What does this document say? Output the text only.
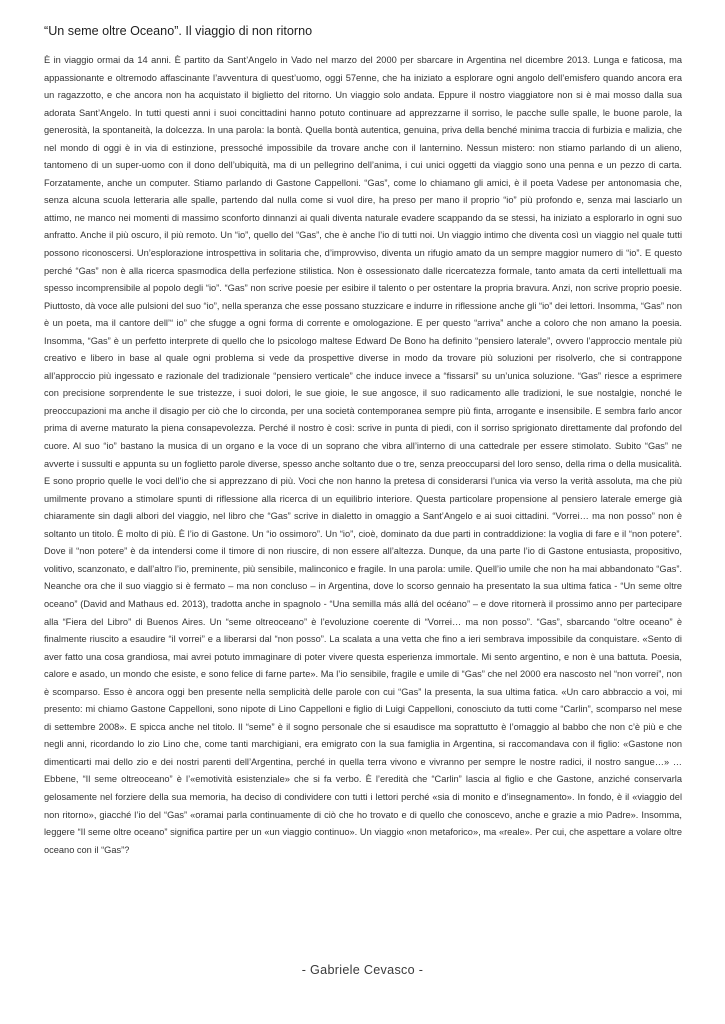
“Un seme oltre Oceano”. Il viaggio di non ritorno

È in viaggio ormai da 14 anni. È partito da Sant’Angelo in Vado nel marzo del 2000 per sbarcare in Argentina nel dicembre 2013. Lunga e faticosa, ma appassionante e oltremodo affascinante l’avventura di quest’uomo, oggi 57enne, che ha iniziato a esplorare ogni angolo dell’emisfero quando ancora era un ragazzotto, e che ancora non ha acquistato il biglietto del ritorno. Un viaggio solo andata. Eppure il nostro viaggiatore non si è mai mosso dalla sua adorata Sant’Angelo. In tutti questi anni i suoi concittadini hanno potuto continuare ad apprezzarne il sorriso, le pacche sulle spalle, le buone parole, la generosità, la spontaneità, la dolcezza. In una parola: la bontà. Quella bontà autentica, genuina, priva della benché minima traccia di furbizia e malizia, che nel mondo di oggi è in via di estinzione, pressoché impossibile da trovare anche con il lanternino. Nessun mistero: non stiamo parlando di un alieno, tantomeno di un super-uomo con il dono dell’ubiquità, ma di un pellegrino dell’anima, i cui unici oggetti da viaggio sono una penna e un pezzo di carta. Forzatamente, anche un computer. Stiamo parlando di Gastone Cappelloni. “Gas”, come lo chiamano gli amici, è il poeta Vadese per antonomasia che, senza alcuna scuola letteraria alle spalle, partendo dal nulla come si vuol dire, ha preso per mano il proprio “io” più profondo e, senza mai lasciarlo un attimo, ne manco nei momenti di massimo sconforto dinnanzi ai quali diventa naturale evadere scappando da se stessi, ha iniziato a esplorarlo in ogni suo anfratto. Anche il più oscuro, il più remoto. Un “io”, quello del “Gas”, che è anche l’io di tutti noi. Un viaggio intimo che diventa così un viaggio nel quale tutti possono riconoscersi. Un’esplorazione introspettiva in solitaria che, d’improvviso, diventa un rifugio amato da un sempre maggior numero di “io”. E questo perché “Gas” non è alla ricerca spasmodica della perfezione stilistica. Non è ossessionato dalle ricercatezza formale, tanto amata da certi intellettuali ma spesso incomprensibile al popolo degli “io”. “Gas” non scrive poesie per esibire il talento o per ostentare la propria bravura. Anzi, non scrive proprio poesie. Piuttosto, dà voce alle pulsioni del suo “io”, nella speranza che esse possano stuzzicare e indurre in riflessione anche gli “io” dei lettori. Insomma, “Gas” non è un poeta, ma il cantore dell’“ io” che sfugge a ogni forma di corrente e omologazione. E per questo “arriva” anche a coloro che non amano la poesia. Insomma, “Gas” è un perfetto interprete di quello che lo psicologo maltese Edward De Bono ha definito “pensiero laterale”, ovvero l’approccio mentale più creativo e libero in base al quale ogni problema si vede da prospettive diverse in modo da trovare più soluzioni per risolverlo, che si contrappone all’approccio più ingessato e razionale del tradizionale “pensiero verticale” che induce invece a “fissarsi” su un’unica soluzione. “Gas” riesce a esprimere con precisione sorprendente le sue tristezze, i suoi dolori, le sue gioie, le sue angosce, il suo radicamento alle tradizioni, le sue nostalgie, nonché le preoccupazioni ma anche il disagio per ciò che lo circonda, per una società contemporanea sempre più finta, arrogante e insensibile. E sembra farlo ancor prima di averne maturato la piena consapevolezza. Perché il nostro è così: scrive in punta di piedi, con il sorriso sprigionato direttamente dal profondo del cuore. Al suo “io” bastano la musica di un organo e la voce di un soprano che vibra all’interno di una cattedrale per essere stimolato. Subito “Gas” ne avverte i sussulti e appunta su un foglietto parole diverse, spesso anche soltanto due o tre, senza preoccuparsi del loro senso, della rima o della musicalità. E sono proprio quelle le voci dell’io che si apprezzano di più. Voci che non hanno la pretesa di considerarsi l’unica via verso la verità assoluta, ma che più umilmente provano a stimolare spunti di riflessione alla ricerca di un equilibrio interiore. Questa particolare propensione al pensiero laterale emerge già chiaramente sin dagli albori del viaggio, nel libro che “Gas” scrive in dialetto in omaggio a Sant’Angelo e ai suoi cittadini. “Vorrei… ma non posso” non è soltanto un titolo. È molto di più. È l’io di Gastone. Un “io ossimoro”. Un “io”, cioè, dominato da due parti in contraddizione: la voglia di fare e il “non potere”. Dove il “non potere” è da intendersi come il timore di non riuscire, di non essere all’altezza. Dunque, da una parte l’io di Gastone entusiasta, propositivo, volitivo, scanzonato, e dall’altro l’io, preminente, più sensibile, malinconico e fragile. In una parola: umile. Quell’io umile che non ha mai abbandonato “Gas”. Neanche ora che il suo viaggio si è fermato – ma non concluso – in Argentina, dove lo scorso gennaio ha presentato la sua ultima fatica - “Un seme oltre oceano” (David and Mathaus ed. 2013), tradotta anche in spagnolo - “Una semilla más allá del océano” – e dove ritornerà il prossimo anno per partecipare alla “Fiera del Libro” di Buenos Aires. Un “seme oltreoceano” è l’evoluzione coerente di “Vorrei… ma non posso”. “Gas”, sbarcando “oltre oceano” è finalmente riuscito a esaudire “il vorrei” e a liberarsi dal “non posso”. La scalata a una vetta che fino a ieri sembrava impossibile da conquistare. «Sento di aver fatto una cosa grandiosa, mai avrei potuto immaginare di poter vivere questa esperienza immortale. Mi sento argentino, e non è una battuta. Poesia, calore e asado, un mondo che esiste, e sono felice di farne parte». Ma l’io sensibile, fragile e umile di “Gas” che nel 2000 era nascosto nel “non vorrei”, non è scomparso. Esso è ancora oggi ben presente nella semplicità delle parole con cui “Gas” la presenta, la sua ultima fatica. «Un caro abbraccio a voi, mi presento: mi chiamo Gastone Cappelloni, sono nipote di Lino Cappelloni e figlio di Luigi Cappelloni, conosciuto da tutti come “Carlin”, scomparso nel mese di settembre 2008». E spicca anche nel titolo. Il “seme” è il sogno personale che si esaudisce ma soprattutto è l’omaggio al babbo che non c’è più e che negli anni, ricordando lo zio Lino che, come tanti marchigiani, era emigrato con la sua famiglia in Argentina, si raccomandava con il figlio: «Gastone non dimenticarti mai dello zio e dei nostri parenti dell’Argentina, perché in quella terra vivono e vivranno per sempre le nostre radici, il nostro sangue…» … Ebbene, “Il seme oltreoceano” è l’«emotività esistenziale» che si fa verbo. È l’eredità che “Carlin” lascia al figlio e che Gastone, anziché conservarla gelosamente nel forziere della sua memoria, ha deciso di condividere con tutti i lettori perché «sia di monito e d’insegnamento». In fondo, è il «viaggio del non ritorno», giacché l’io del “Gas” «oramai parla continuamente di ciò che ho trovato e di quello che conoscevo, anche e grazie a mio Padre». Insomma, leggere “Il seme oltre oceano” significa partire per un «un viaggio continuo». Un viaggio «non metaforico», ma «reale». Per cui, che aspettare a volare oltre oceano con il “Gas”?

- Gabriele Cevasco -
